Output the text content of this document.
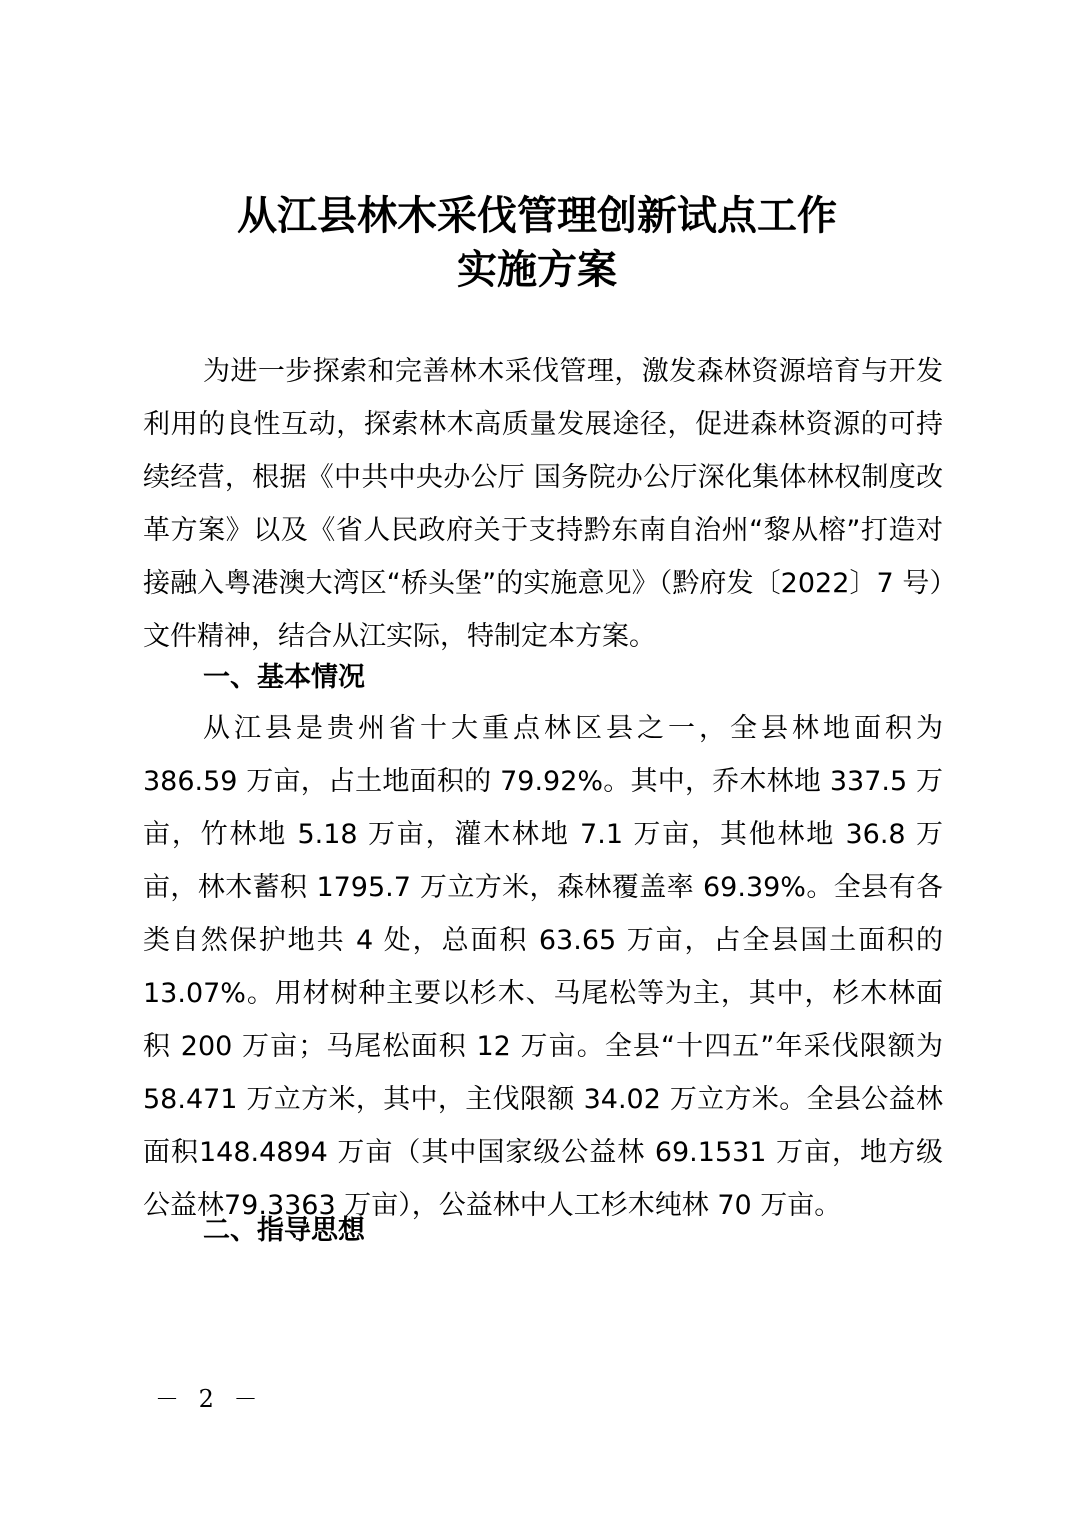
从江县林木采伐管理创新试点工作
实施方案

为进一步探索和完善林木采伐管理，激发森林资源培育与开发利用的良性互动，探索林木高质量发展途径，促进森林资源的可持续经营，根据《中共中央办公厅 国务院办公厅深化集体林权制度改革方案》以及《省人民政府关于支持黔东南自治州“黎从榕”打造对接融入粤港澳大湾区“桥头堡”的实施意见》（黔府发〔2022〕7 号）文件精神，结合从江实际，特制定本方案。

一、基本情况

从江县是贵州省十大重点林区县之一，全县林地面积为386.59 万亩，占土地面积的 79.92%。其中，乔木林地 337.5 万亩，竹林地 5.18 万亩，灌木林地 7.1 万亩，其他林地 36.8 万亩，林木蓄积 1795.7 万立方米，森林覆盖率 69.39%。全县有各类自然保护地共 4 处，总面积 63.65 万亩，占全县国土面积的 13.07%。用材树种主要以杉木、马尾松等为主，其中，杉木林面积 200 万亩；马尾松面积 12 万亩。全县“十四五”年采伐限额为 58.471 万立方米，其中，主伐限额 34.02 万立方米。全县公益林面积148.4894 万亩（其中国家级公益林 69.1531 万亩，地方级公益林79.3363 万亩），公益林中人工杉木纯林 70 万亩。

二、指导思想

－ 2 －
